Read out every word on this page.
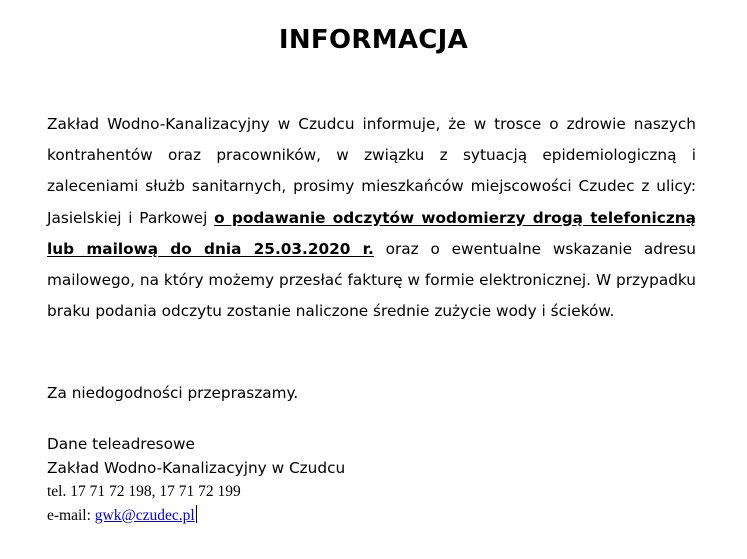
INFORMACJA

Zakład Wodno-Kanalizacyjny w Czudcu informuje, że w trosce o zdrowie naszych kontrahentów oraz pracowników, w związku z sytuacją epidemiologiczną i zaleceniami służb sanitarnych, prosimy mieszkańców miejscowości Czudec z ulicy: Jasielskiej i Parkowej o podawanie odczytów wodomierzy drogą telefoniczną lub mailową do dnia 25.03.2020 r. oraz o ewentualne wskazanie adresu mailowego, na który możemy przesłać fakturę w formie elektronicznej. W przypadku braku podania odczytu zostanie naliczone średnie zużycie wody i ścieków.

Za niedogodności przepraszamy.

Dane teleadresowe

Zakład Wodno-Kanalizacyjny w Czudcu

tel. 17 71 72 198, 17 71 72 199

e-mail: gwk@czudec.pl
